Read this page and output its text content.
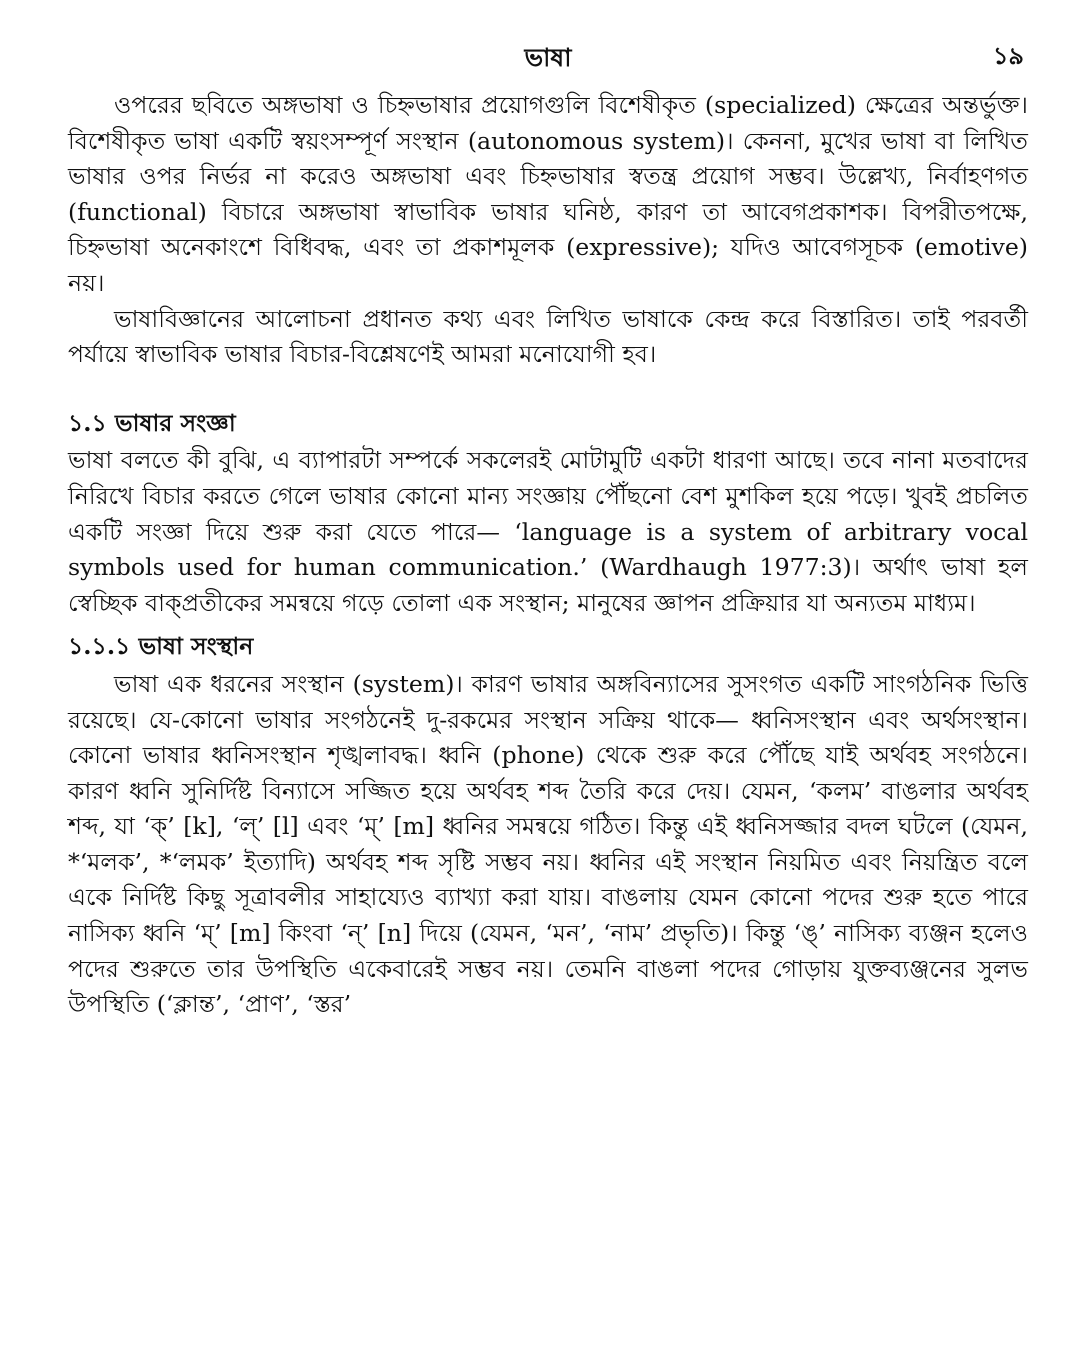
ভাষা	১৯

ওপরের ছবিতে অঙ্গভাষা ও চিহ্নভাষার প্রয়োগগুলি বিশেষীকৃত (specialized) ক্ষেত্রের অন্তর্ভুক্ত। বিশেষীকৃত ভাষা একটি স্বয়ংসম্পূর্ণ সংস্থান (autonomous system)। কেননা, মুখের ভাষা বা লিখিত ভাষার ওপর নির্ভর না করেও অঙ্গভাষা এবং চিহ্নভাষার স্বতন্ত্র প্রয়োগ সম্ভব। উল্লেখ্য, নির্বাহণগত (functional) বিচারে অঙ্গভাষা স্বাভাবিক ভাষার ঘনিষ্ঠ, কারণ তা আবেগপ্রকাশক। বিপরীতপক্ষে, চিহ্নভাষা অনেকাংশে বিধিবদ্ধ, এবং তা প্রকাশমূলক (expressive); যদিও আবেগসূচক (emotive) নয়।

ভাষাবিজ্ঞানের আলোচনা প্রধানত কথ্য এবং লিখিত ভাষাকে কেন্দ্র করে বিস্তারিত। তাই পরবর্তী পর্যায়ে স্বাভাবিক ভাষার বিচার-বিশ্লেষণেই আমরা মনোযোগী হব।

১.১ ভাষার সংজ্ঞা

ভাষা বলতে কী বুঝি, এ ব্যাপারটা সম্পর্কে সকলেরই মোটামুটি একটা ধারণা আছে। তবে নানা মতবাদের নিরিখে বিচার করতে গেলে ভাষার কোনো মান্য সংজ্ঞায় পৌঁছনো বেশ মুশকিল হয়ে পড়ে। খুবই প্রচলিত একটি সংজ্ঞা দিয়ে শুরু করা যেতে পারে— ‘language is a system of arbitrary vocal symbols used for human communication.’ (Wardhaugh 1977:3)। অর্থাৎ ভাষা হল স্বেচ্ছিক বাক্‌প্রতীকের সমন্বয়ে গড়ে তোলা এক সংস্থান; মানুষের জ্ঞাপন প্রক্রিয়ার যা অন্যতম মাধ্যম।

১.১.১ ভাষা সংস্থান

ভাষা এক ধরনের সংস্থান (system)। কারণ ভাষার অঙ্গবিন্যাসের সুসংগত একটি সাংগঠনিক ভিত্তি রয়েছে। যে-কোনো ভাষার সংগঠনেই দু-রকমের সংস্থান সক্রিয় থাকে— ধ্বনিসংস্থান এবং অর্থসংস্থান। কোনো ভাষার ধ্বনিসংস্থান শৃঙ্খলাবদ্ধ। ধ্বনি (phone) থেকে শুরু করে পৌঁছে যাই অর্থবহ সংগঠনে। কারণ ধ্বনি সুনির্দিষ্ট বিন্যাসে সজ্জিত হয়ে অর্থবহ শব্দ তৈরি করে দেয়। যেমন, ‘কলম’ বাঙলার অর্থবহ শব্দ, যা ‘ক্’ [k], ‘ল্’ [l] এবং ‘ম্’ [m] ধ্বনির সমন্বয়ে গঠিত। কিন্তু এই ধ্বনিসজ্জার বদল ঘটলে (যেমন, *‘মলক’, *‘লমক’ ইত্যাদি) অর্থবহ শব্দ সৃষ্টি সম্ভব নয়। ধ্বনির এই সংস্থান নিয়মিত এবং নিয়ন্ত্রিত বলে একে নির্দিষ্ট কিছু সূত্রাবলীর সাহায্যেও ব্যাখ্যা করা যায়। বাঙলায় যেমন কোনো পদের শুরু হতে পারে নাসিক্য ধ্বনি ‘ম্’ [m] কিংবা ‘ন্’ [n] দিয়ে (যেমন, ‘মন’, ‘নাম’ প্রভৃতি)। কিন্তু ‘ঙ্’ নাসিক্য ব্যঞ্জন হলেও পদের শুরুতে তার উপস্থিতি একেবারেই সম্ভব নয়। তেমনি বাঙলা পদের গোড়ায় যুক্তব্যঞ্জনের সুলভ উপস্থিতি (‘ক্লান্ত’, ‘প্রাণ’, ‘স্তর’
